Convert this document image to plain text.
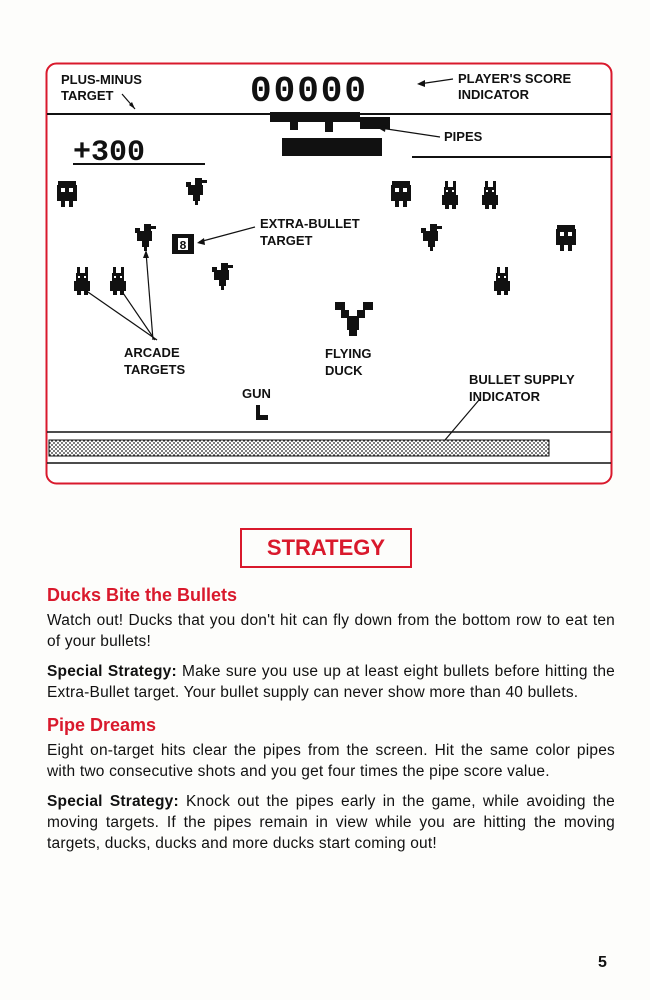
00000
+300
8
PLUS-MINUS TARGET
PLAYER'S SCORE INDICATOR
PIPES
EXTRA-BULLET TARGET
ARCADE TARGETS
FLYING DUCK
BULLET SUPPLY INDICATOR
GUN
STRATEGY
Ducks Bite the Bullets

Watch out! Ducks that you don't hit can fly down from the bottom row to eat ten of your bullets!

Special Strategy: Make sure you use up at least eight bullets before hitting the Extra-Bullet target. Your bullet supply can never show more than 40 bullets.

Pipe Dreams

Eight on-target hits clear the pipes from the screen. Hit the same color pipes with two consecutive shots and you get four times the pipe score value.

Special Strategy: Knock out the pipes early in the game, while avoiding the moving targets. If the pipes remain in view while you are hitting the moving targets, ducks, ducks and more ducks start coming out!

5
